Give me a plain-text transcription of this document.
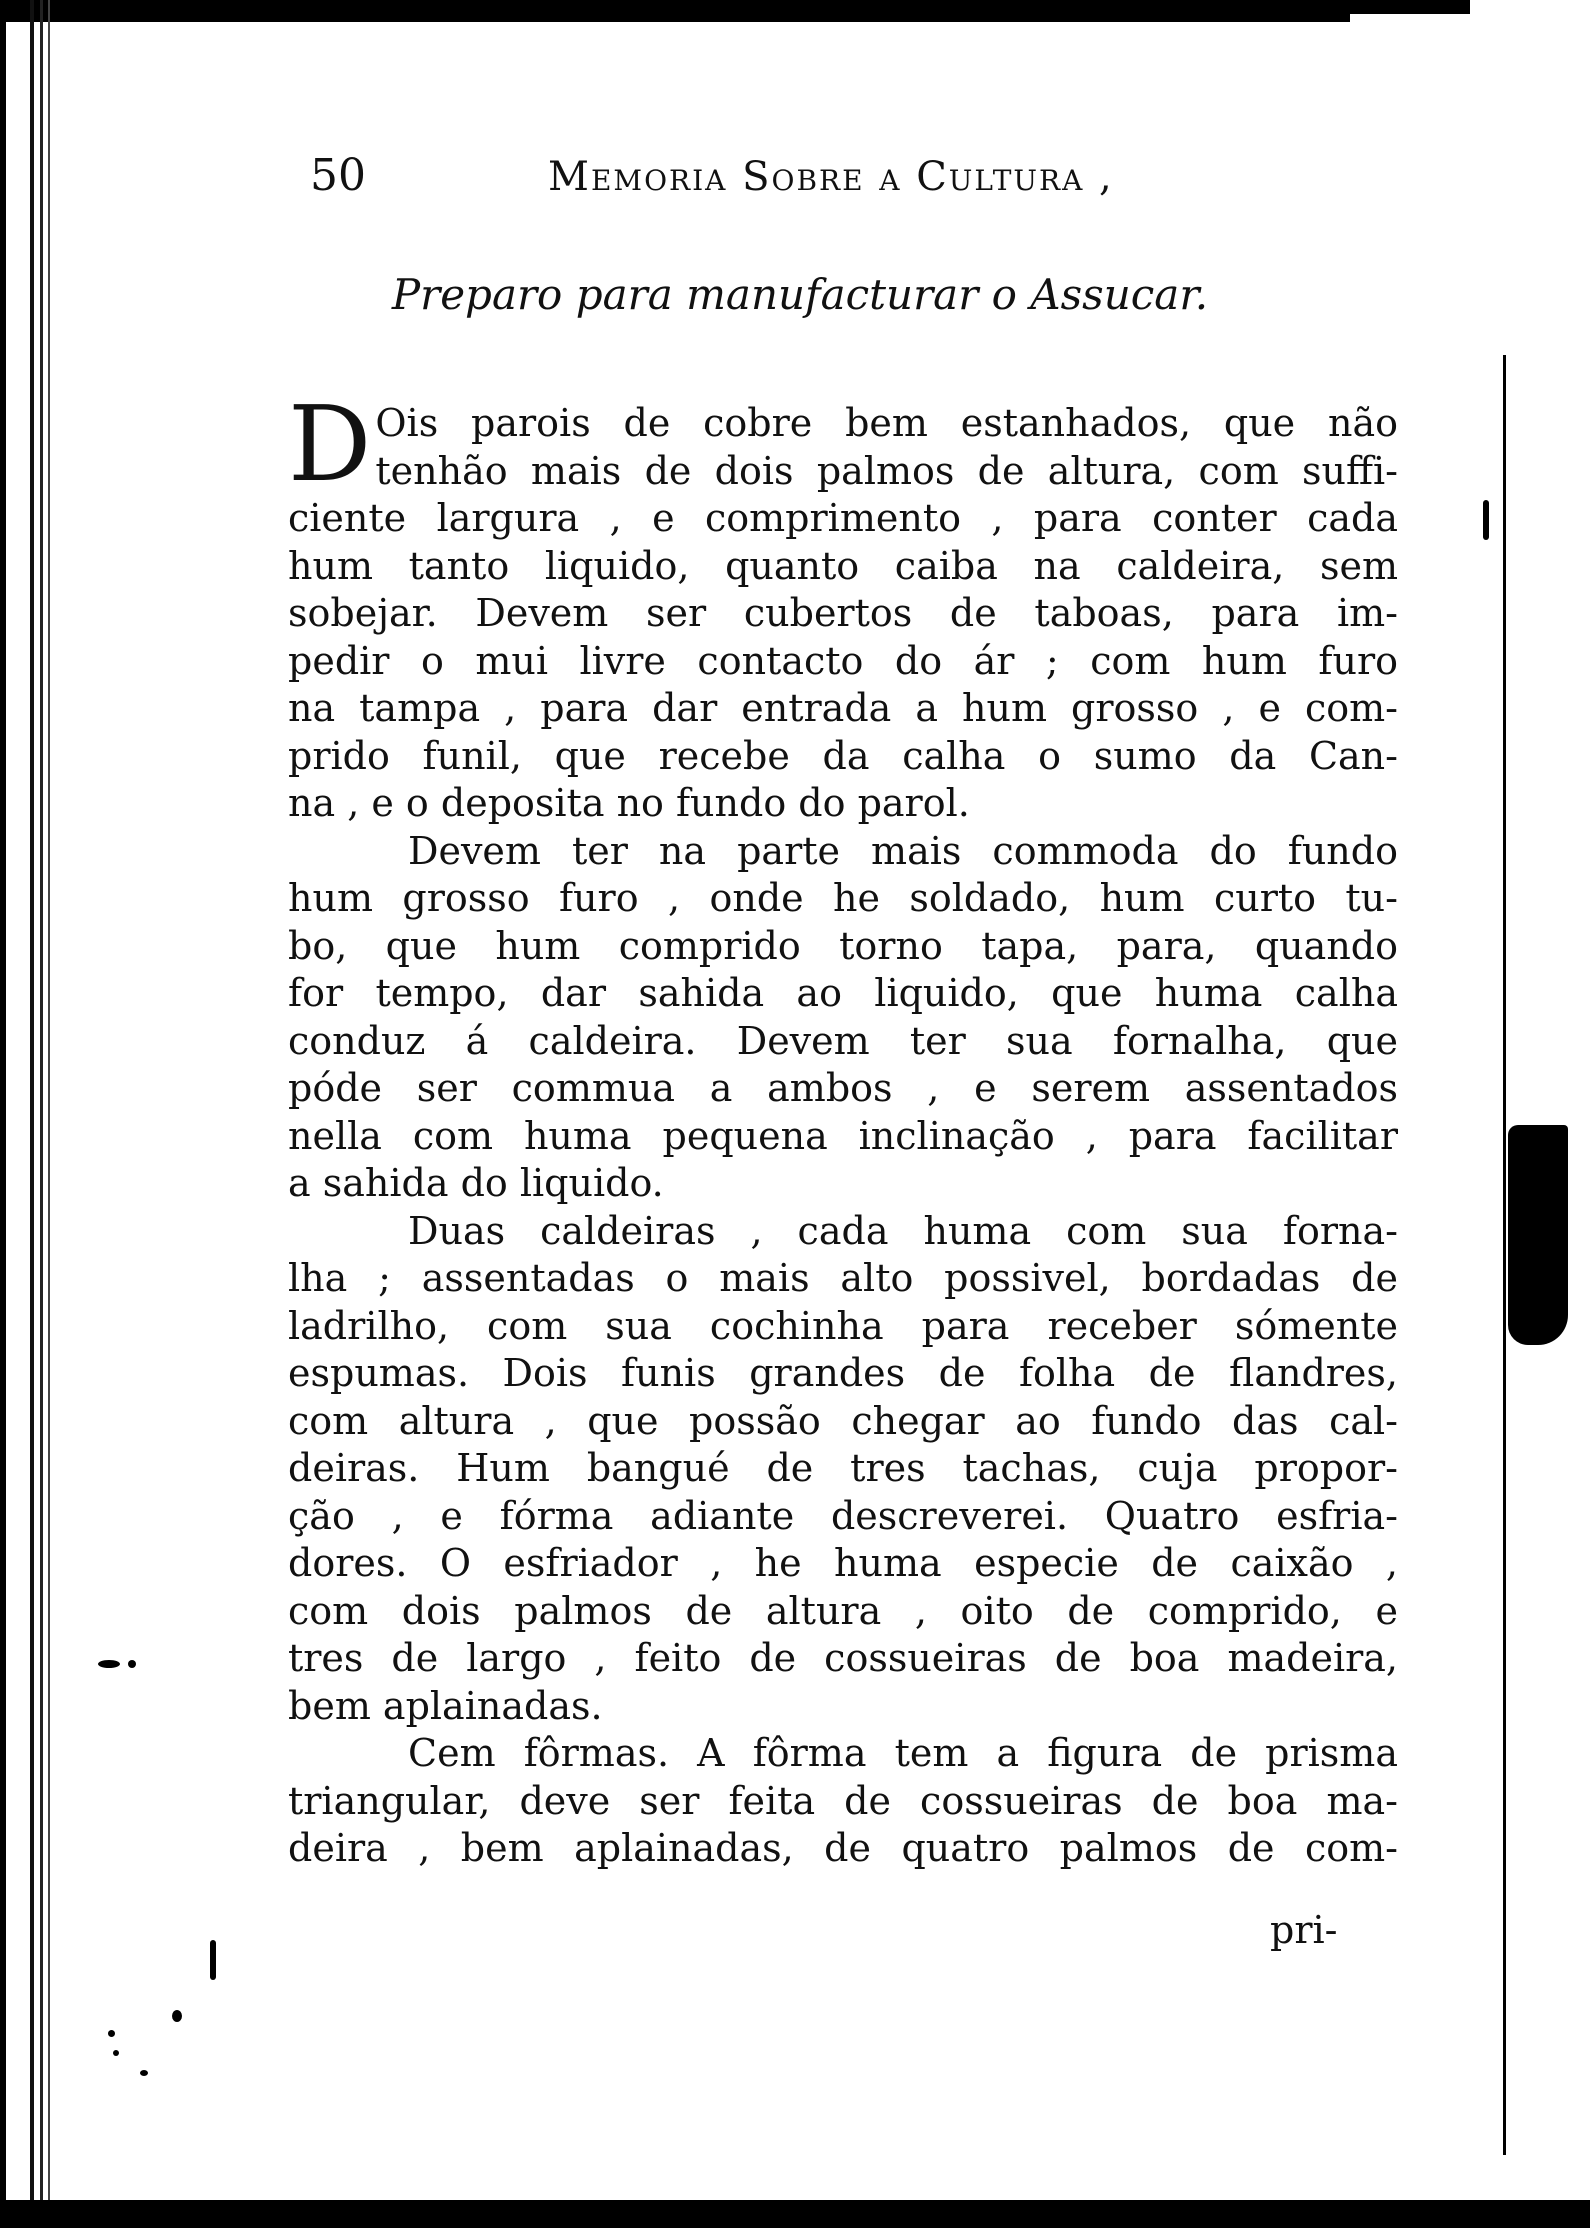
50	Memoria Sobre a Cultura ,
Preparo para manufacturar o Assucar.
D Ois parois de cobre bem estanhados, que não
tenhão mais de dois palmos de altura, com suffi-
ciente largura , e comprimento , para conter cada
hum tanto liquido, quanto caiba na caldeira, sem
sobejar. Devem ser cubertos de taboas, para im-
pedir o mui livre contacto do ár ; com hum furo
na tampa , para dar entrada a hum grosso , e com-
prido funil, que recebe da calha o sumo da Can-
na , e o deposita no fundo do parol.
Devem ter na parte mais commoda do fundo
hum grosso furo , onde he soldado, hum curto tu-
bo, que hum comprido torno tapa, para, quando
for tempo, dar sahida ao liquido, que huma calha
conduz á caldeira. Devem ter sua fornalha, que
póde ser commua a ambos , e serem assentados
nella com huma pequena inclinação , para facilitar
a sahida do liquido.
Duas caldeiras , cada huma com sua forna-
lha ; assentadas o mais alto possivel, bordadas de
ladrilho, com sua cochinha para receber sómente
espumas. Dois funis grandes de folha de flandres,
com altura , que possão chegar ao fundo das cal-
deiras. Hum bangué de tres tachas, cuja propor-
ção , e fórma adiante descreverei. Quatro esfria-
dores. O esfriador , he huma especie de caixão ,
com dois palmos de altura , oito de comprido, e
tres de largo , feito de cossueiras de boa madeira,
bem aplainadas.
Cem fôrmas. A fôrma tem a figura de prisma
triangular, deve ser feita de cossueiras de boa ma-
deira , bem aplainadas, de quatro palmos de com-
pri-
